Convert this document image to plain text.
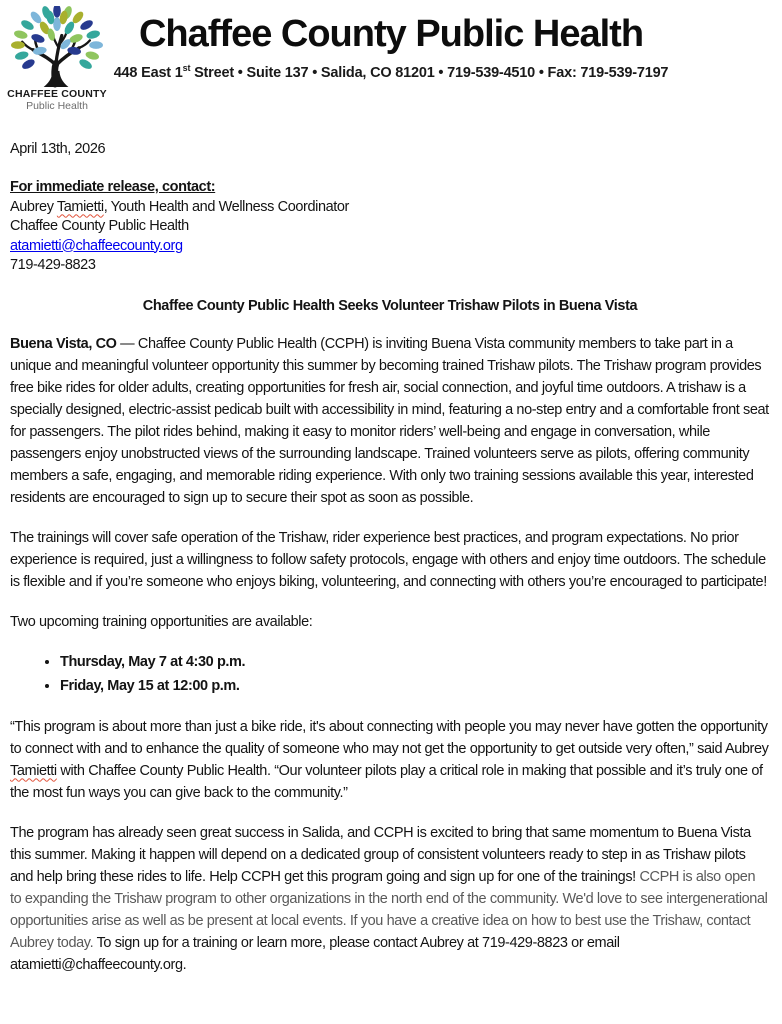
CHAFFEE COUNTY
Public Health
Chaffee County Public Health
448 East 1st Street • Suite 137 • Salida, CO 81201 • 719-539-4510 • Fax: 719-539-7197
April 13th, 2026
For immediate release, contact:
Aubrey Tamietti, Youth Health and Wellness Coordinator
Chaffee County Public Health
atamietti@chaffeecounty.org
719-429-8823
Chaffee County Public Health Seeks Volunteer Trishaw Pilots in Buena Vista

Buena Vista, CO — Chaffee County Public Health (CCPH) is inviting Buena Vista community members to take part in a unique and meaningful volunteer opportunity this summer by becoming trained Trishaw pilots. The Trishaw program provides free bike rides for older adults, creating opportunities for fresh air, social connection, and joyful time outdoors. A trishaw is a specially designed, electric-assist pedicab built with accessibility in mind, featuring a no-step entry and a comfortable front seat for passengers. The pilot rides behind, making it easy to monitor riders’ well-being and engage in conversation, while passengers enjoy unobstructed views of the surrounding landscape. Trained volunteers serve as pilots, offering community members a safe, engaging, and memorable riding experience. With only two training sessions available this year, interested residents are encouraged to sign up to secure their spot as soon as possible.

The trainings will cover safe operation of the Trishaw, rider experience best practices, and program expectations. No prior experience is required, just a willingness to follow safety protocols, engage with others and enjoy time outdoors. The schedule is flexible and if you’re someone who enjoys biking, volunteering, and connecting with others you’re encouraged to participate!

Two upcoming training opportunities are available:

• Thursday, May 7 at 4:30 p.m.
• Friday, May 15 at 12:00 p.m.

“This program is about more than just a bike ride, it's about connecting with people you may never have gotten the opportunity to connect with and to enhance the quality of someone who may not get the opportunity to get outside very often,” said Aubrey Tamietti with Chaffee County Public Health. “Our volunteer pilots play a critical role in making that possible and it’s truly one of the most fun ways you can give back to the community.”

The program has already seen great success in Salida, and CCPH is excited to bring that same momentum to Buena Vista this summer. Making it happen will depend on a dedicated group of consistent volunteers ready to step in as Trishaw pilots and help bring these rides to life. Help CCPH get this program going and sign up for one of the trainings! CCPH is also open to expanding the Trishaw program to other organizations in the north end of the community. We'd love to see intergenerational opportunities arise as well as be present at local events. If you have a creative idea on how to best use the Trishaw, contact Aubrey today. To sign up for a training or learn more, please contact Aubrey at 719-429-8823 or email atamietti@chaffeecounty.org.
